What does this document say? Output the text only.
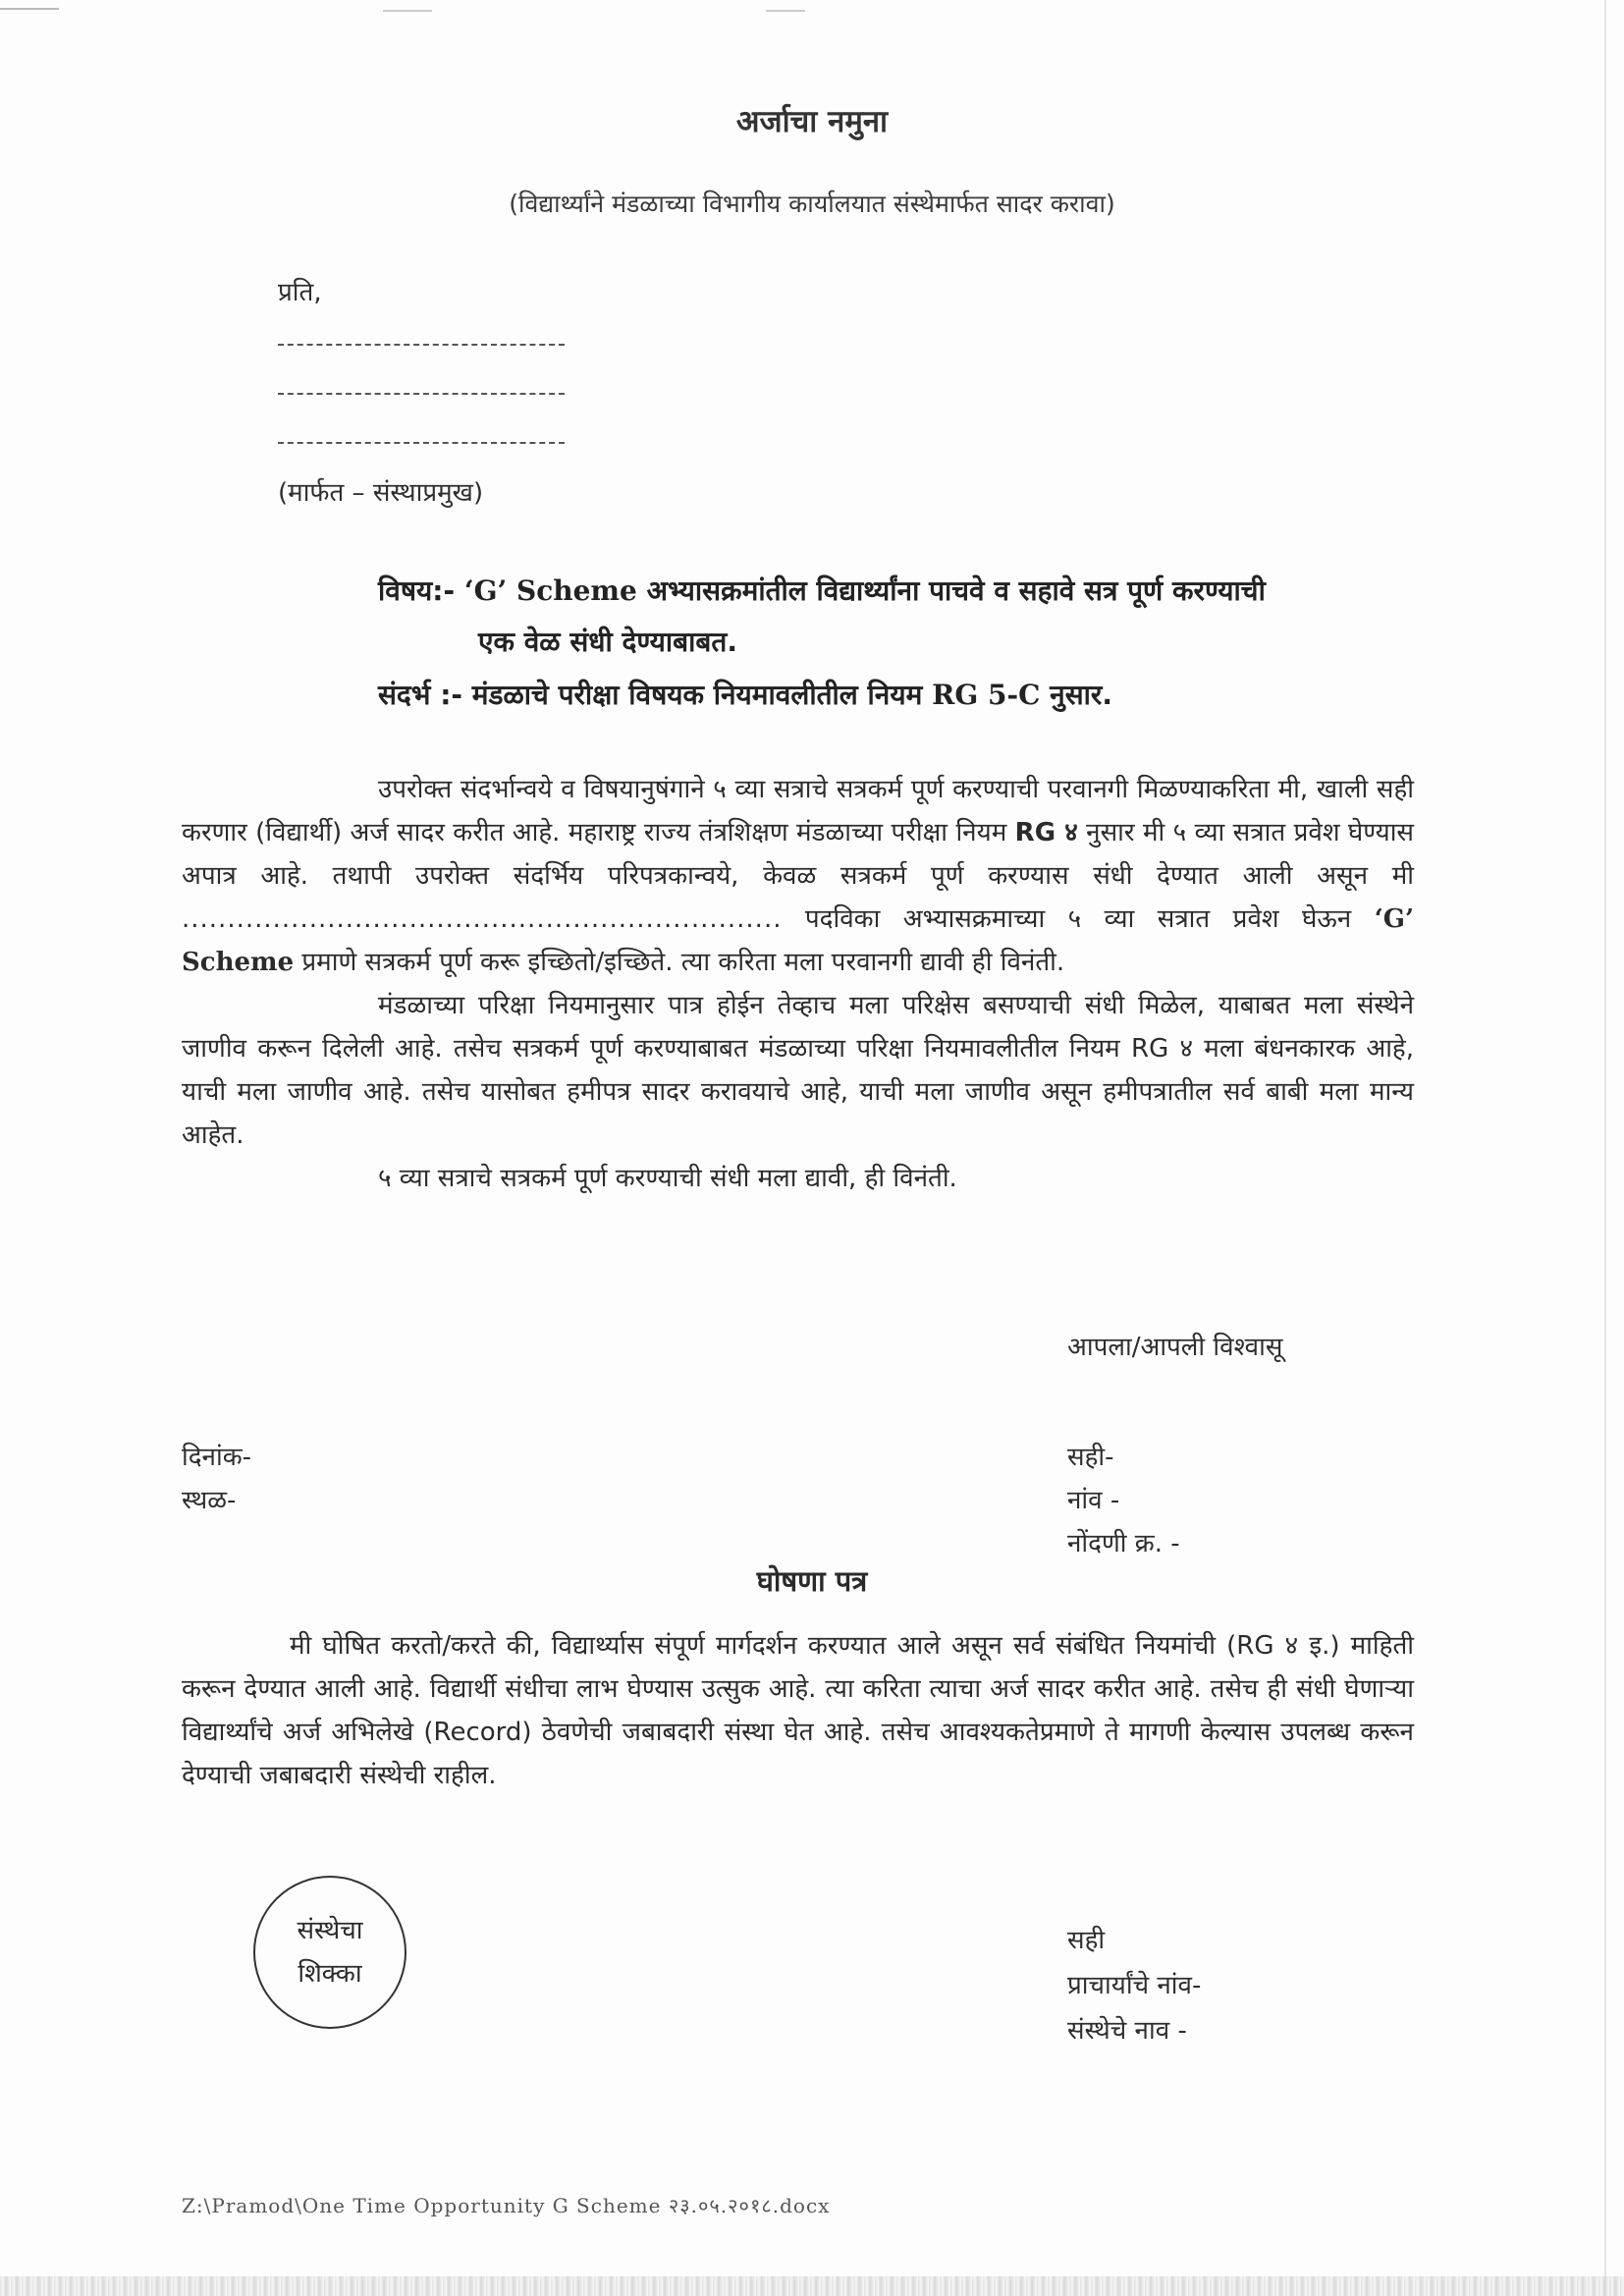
अर्जाचा नमुना
(विद्यार्थ्यांने मंडळाच्या विभागीय कार्यालयात संस्थेमार्फत सादर करावा)
प्रति,
(मार्फत – संस्थाप्रमुख)
विषय:- ‘G’ Scheme अभ्यासक्रमांतील विद्यार्थ्यांना पाचवे व सहावे सत्र पूर्ण करण्याची
एक वेळ संधी देण्याबाबत.
संदर्भ :- मंडळाचे परीक्षा विषयक नियमावलीतील नियम RG 5-C नुसार.

उपरोक्त संदर्भान्वये व विषयानुषंगाने ५ व्या सत्राचे सत्रकर्म पूर्ण करण्याची परवानगी मिळण्याकरिता मी, खाली सही करणार (विद्यार्थी) अर्ज सादर करीत आहे. महाराष्ट्र राज्य तंत्रशिक्षण मंडळाच्या परीक्षा नियम RG ४ नुसार मी ५ व्या सत्रात प्रवेश घेण्यास अपात्र आहे. तथापी उपरोक्त संदर्भिय परिपत्रकान्वये, केवळ सत्रकर्म पूर्ण करण्यास संधी देण्यात आली असून मी .................................................................. पदविका अभ्यासक्रमाच्या ५ व्या सत्रात प्रवेश घेऊन ‘G’ Scheme प्रमाणे सत्रकर्म पूर्ण करू इच्छितो/इच्छिते. त्या करिता मला परवानगी द्यावी ही विनंती.

मंडळाच्या परिक्षा नियमानुसार पात्र होईन तेव्हाच मला परिक्षेस बसण्याची संधी मिळेल, याबाबत मला संस्थेने जाणीव करून दिलेली आहे. तसेच सत्रकर्म पूर्ण करण्याबाबत मंडळाच्या परिक्षा नियमावलीतील नियम RG ४ मला बंधनकारक आहे, याची मला जाणीव आहे. तसेच यासोबत हमीपत्र सादर करावयाचे आहे, याची मला जाणीव असून हमीपत्रातील सर्व बाबी मला मान्य आहेत.

५ व्या सत्राचे सत्रकर्म पूर्ण करण्याची संधी मला द्यावी, ही विनंती.

आपला/आपली विश्वासू
दिनांक-
स्थळ-
सही-
नांव -
नोंदणी क्र. -
घोषणा पत्र

मी घोषित करतो/करते की, विद्यार्थ्यास संपूर्ण मार्गदर्शन करण्यात आले असून सर्व संबंधित नियमांची (RG ४ इ.) माहिती करून देण्यात आली आहे. विद्यार्थी संधीचा लाभ घेण्यास उत्सुक आहे. त्या करिता त्याचा अर्ज सादर करीत आहे. तसेच ही संधी घेणाऱ्या विद्यार्थ्यांचे अर्ज अभिलेखे (Record) ठेवणेची जबाबदारी संस्था घेत आहे. तसेच आवश्यकतेप्रमाणे ते मागणी केल्यास उपलब्ध करून देण्याची जबाबदारी संस्थेची राहील.

संस्थेचा
शिक्का
सही
प्राचार्यांचे नांव-
संस्थेचे नाव -
Z:\Pramod\One Time Opportunity G Scheme २३.०५.२०१८.docx
